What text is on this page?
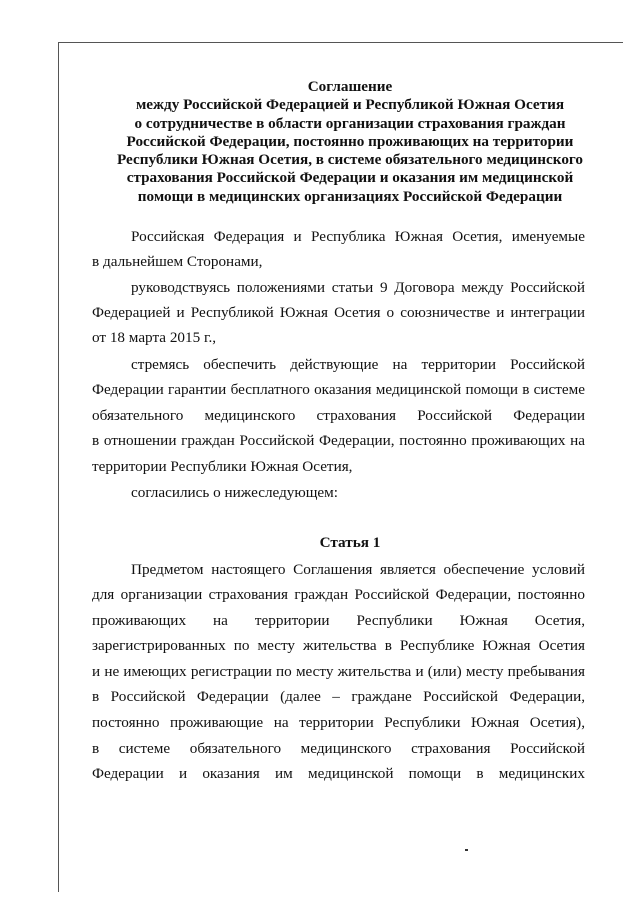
Соглашение
между Российской Федерацией и Республикой Южная Осетия
о сотрудничестве в области организации страхования граждан
Российской Федерации, постоянно проживающих на территории
Республики Южная Осетия, в системе обязательного медицинского
страхования Российской Федерации и оказания им медицинской
помощи в медицинских организациях Российской Федерации
Российская Федерация и Республика Южная Осетия, именуемые
в дальнейшем Сторонами,
руководствуясь положениями статьи 9 Договора между Российской
Федерацией и Республикой Южная Осетия о союзничестве и интеграции
от 18 марта 2015 г.,
стремясь обеспечить действующие на территории Российской
Федерации гарантии бесплатного оказания медицинской помощи в системе
обязательного медицинского страхования Российской Федерации
в отношении граждан Российской Федерации, постоянно проживающих на
территории Республики Южная Осетия,
согласились о нижеследующем:
Статья 1
Предметом настоящего Соглашения является обеспечение условий
для организации страхования граждан Российской Федерации, постоянно
проживающих на территории Республики Южная Осетия,
зарегистрированных по месту жительства в Республике Южная Осетия
и не имеющих регистрации по месту жительства и (или) месту пребывания
в Российской Федерации (далее – граждане Российской Федерации,
постоянно проживающие на территории Республики Южная Осетия),
в системе обязательного медицинского страхования Российской
Федерации и оказания им медицинской помощи в медицинских
